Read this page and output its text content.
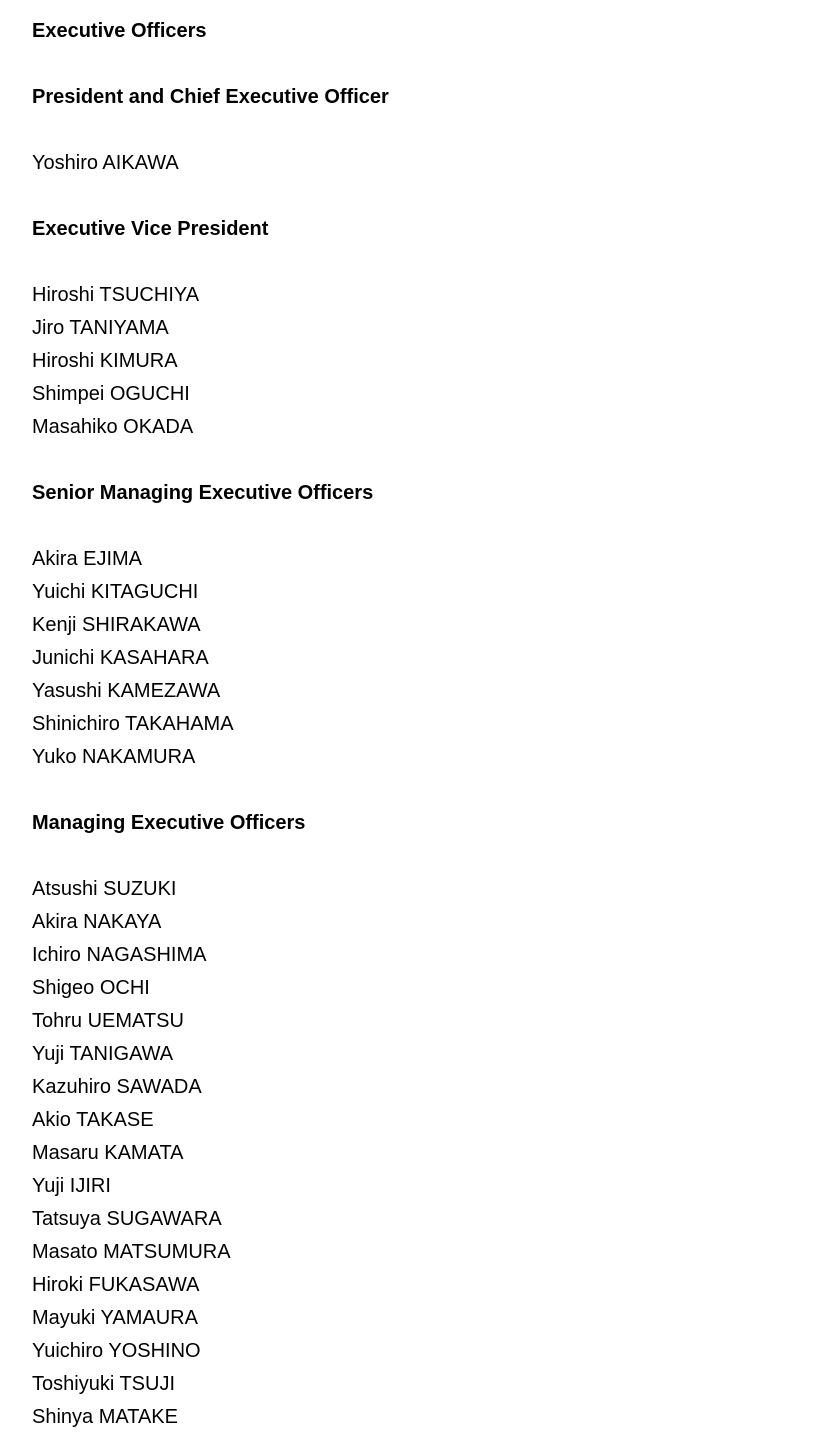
Executive Officers
President and Chief Executive Officer
Yoshiro AIKAWA
Executive Vice President
Hiroshi TSUCHIYA
Jiro TANIYAMA
Hiroshi KIMURA
Shimpei OGUCHI
Masahiko OKADA
Senior Managing Executive Officers
Akira EJIMA
Yuichi KITAGUCHI
Kenji SHIRAKAWA
Junichi KASAHARA
Yasushi KAMEZAWA
Shinichiro TAKAHAMA
Yuko NAKAMURA
Managing Executive Officers
Atsushi SUZUKI
Akira NAKAYA
Ichiro NAGASHIMA
Shigeo OCHI
Tohru UEMATSU
Yuji TANIGAWA
Kazuhiro SAWADA
Akio TAKASE
Masaru KAMATA
Yuji IJIRI
Tatsuya SUGAWARA
Masato MATSUMURA
Hiroki FUKASAWA
Mayuki YAMAURA
Yuichiro YOSHINO
Toshiyuki TSUJI
Shinya MATAKE
